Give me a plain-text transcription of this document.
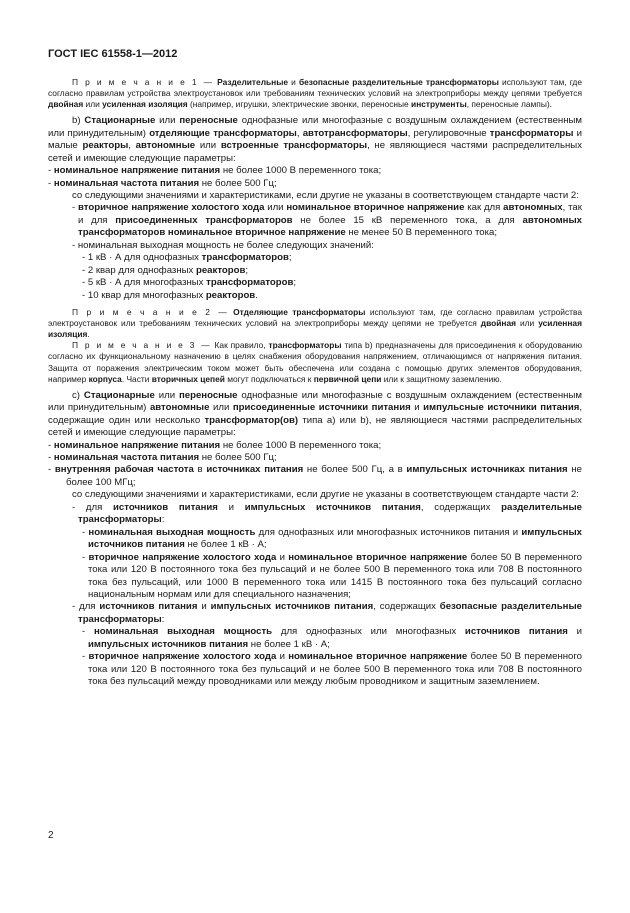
ГОСТ IEC 61558-1—2012

П р и м е ч а н и е 1 — Разделительные и безопасные разделительные трансформаторы используют там, где согласно правилам устройства электроустановок или требованиям технических условий на электроприборы между цепями требуется двойная или усиленная изоляция (например, игрушки, электрические звонки, переносные инструменты, переносные лампы).

b) Стационарные или переносные однофазные или многофазные с воздушным охлаждением (естественным или принудительным) отделяющие трансформаторы, автотрансформаторы, регулировочные трансформаторы и малые реакторы, автономные или встроенные трансформаторы, не являющиеся частями распределительных сетей и имеющие следующие параметры:

- номинальное напряжение питания не более 1000 В переменного тока;

- номинальная частота питания не более 500 Гц;

со следующими значениями и характеристиками, если другие не указаны в соответствующем стандарте части 2:

- вторичное напряжение холостого хода или номинальное вторичное напряжение как для автономных, так и для присоединенных трансформаторов не более 15 кВ переменного тока, а для автономных трансформаторов номинальное вторичное напряжение не менее 50 В переменного тока;

- номинальная выходная мощность не более следующих значений:

- 1 кВ · А для однофазных трансформаторов;

- 2 квар для однофазных реакторов;

- 5 кВ · А для многофазных трансформаторов;

- 10 квар для многофазных реакторов.

П р и м е ч а н и е 2 — Отделяющие трансформаторы используют там, где согласно правилам устройства электроустановок или требованиям технических условий на электроприборы между цепями не требуется двойная или усиленная изоляция.

П р и м е ч а н и е 3 — Как правило, трансформаторы типа b) предназначены для присоединения к оборудованию согласно их функциональному назначению в целях снабжения оборудования напряжением, отличающимся от напряжения питания. Защита от поражения электрическим током может быть обеспечена или создана с помощью других элементов оборудования, например корпуса. Части вторичных цепей могут подключаться к первичной цепи или к защитному заземлению.

c) Стационарные или переносные однофазные или многофазные с воздушным охлаждением (естественным или принудительным) автономные или присоединенные источники питания и импульсные источники питания, содержащие один или несколько трансформатор(ов) типа a) или b), не являющиеся частями распределительных сетей и имеющие следующие параметры:

- номинальное напряжение питания не более 1000 В переменного тока;

- номинальная частота питания не более 500 Гц;

- внутренняя рабочая частота в источниках питания не более 500 Гц, а в импульсных источниках питания не более 100 МГц;

со следующими значениями и характеристиками, если другие не указаны в соответствующем стандарте части 2:

- для источников питания и импульсных источников питания, содержащих разделительные трансформаторы:

- номинальная выходная мощность для однофазных или многофазных источников питания и импульсных источников питания не более 1 кВ · А;

- вторичное напряжение холостого хода и номинальное вторичное напряжение более 50 В переменного тока или 120 В постоянного тока без пульсаций и не более 500 В переменного тока или 708 В постоянного тока без пульсаций, или 1000 В переменного тока или 1415 В постоянного тока без пульсаций согласно национальным нормам или для специального назначения;

- для источников питания и импульсных источников питания, содержащих безопасные разделительные трансформаторы:

- номинальная выходная мощность для однофазных или многофазных источников питания и импульсных источников питания не более 1 кВ · А;

- вторичное напряжение холостого хода и номинальное вторичное напряжение более 50 В переменного тока или 120 В постоянного тока без пульсаций и не более 500 В переменного тока или 708 В постоянного тока без пульсаций между проводниками или между любым проводником и защитным заземлением.

2
